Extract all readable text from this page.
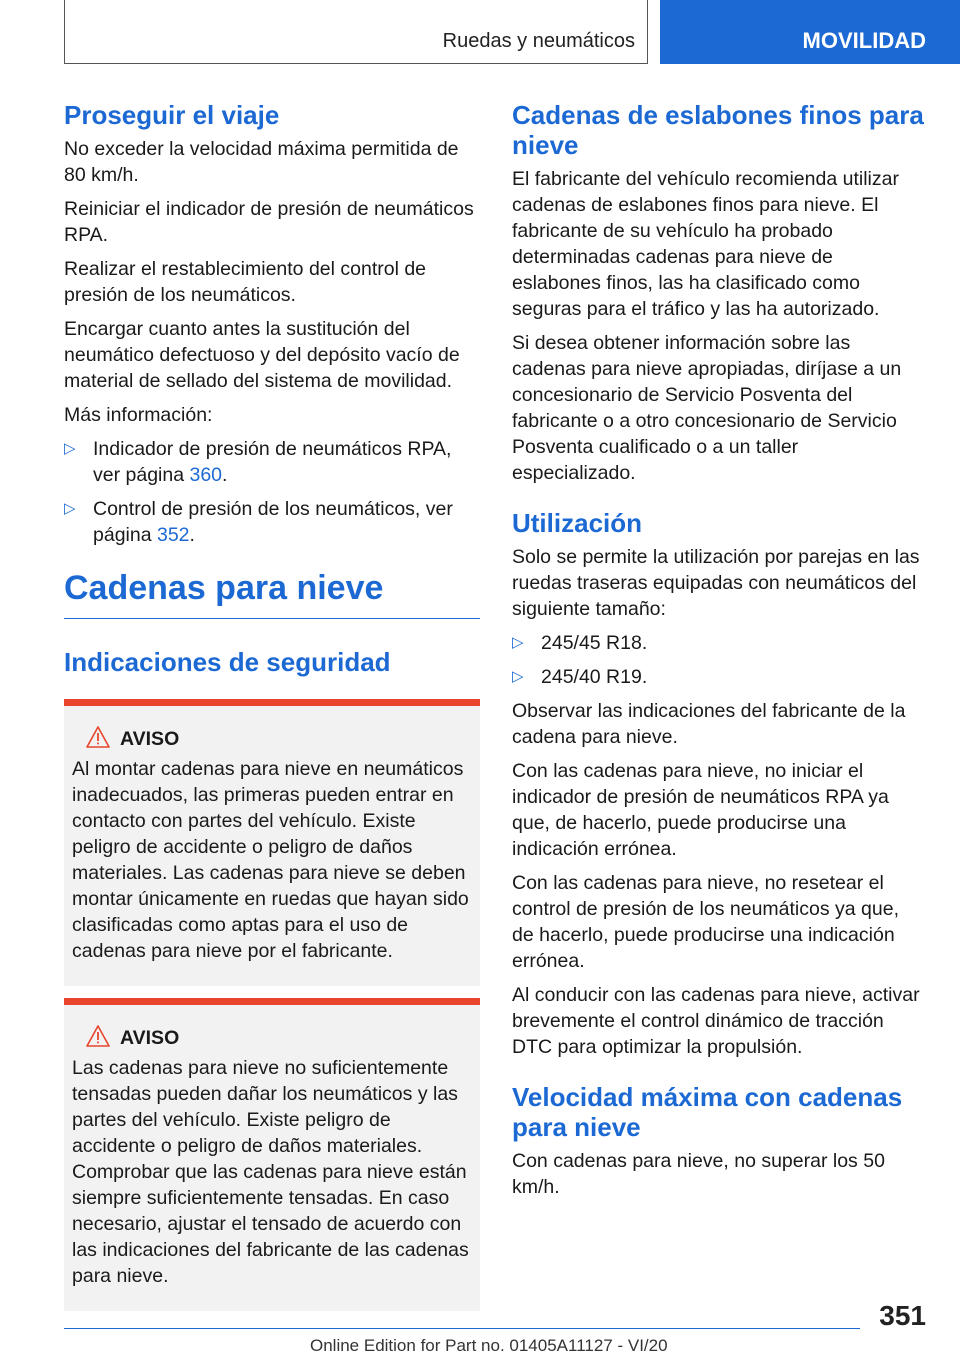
Ruedas y neumáticos	MOVILIDAD
Proseguir el viaje

No exceder la velocidad máxima permitida de 80 km/h.

Reiniciar el indicador de presión de neumáticos RPA.

Realizar el restablecimiento del control de presión de los neumáticos.

Encargar cuanto antes la sustitución del neumático defectuoso y del depósito vacío de material de sellado del sistema de movilidad.

Más información:

▷ Indicador de presión de neumáticos RPA, ver página 360.
▷ Control de presión de los neumáticos, ver página 352.
Cadenas para nieve
Indicaciones de seguridad
AVISO

Al montar cadenas para nieve en neumáticos inadecuados, las primeras pueden entrar en contacto con partes del vehículo. Existe peligro de accidente o peligro de daños materiales. Las cadenas para nieve se deben montar únicamente en ruedas que hayan sido clasificadas como aptas para el uso de cadenas para nieve por el fabricante.

AVISO

Las cadenas para nieve no suficientemente tensadas pueden dañar los neumáticos y las partes del vehículo. Existe peligro de accidente o peligro de daños materiales. Comprobar que las cadenas para nieve están siempre suficientemente tensadas. En caso necesario, ajustar el tensado de acuerdo con las indicaciones del fabricante de las cadenas para nieve.

Cadenas de eslabones finos para nieve

El fabricante del vehículo recomienda utilizar cadenas de eslabones finos para nieve. El fabricante de su vehículo ha probado determinadas cadenas para nieve de eslabones finos, las ha clasificado como seguras para el tráfico y las ha autorizado.

Si desea obtener información sobre las cadenas para nieve apropiadas, diríjase a un concesionario de Servicio Posventa del fabricante o a otro concesionario de Servicio Posventa cualificado o a un taller especializado.

Utilización

Solo se permite la utilización por parejas en las ruedas traseras equipadas con neumáticos del siguiente tamaño:

▷ 245/45 R18.
▷ 245/40 R19.

Observar las indicaciones del fabricante de la cadena para nieve.

Con las cadenas para nieve, no iniciar el indicador de presión de neumáticos RPA ya que, de hacerlo, puede producirse una indicación errónea.

Con las cadenas para nieve, no resetear el control de presión de los neumáticos ya que, de hacerlo, puede producirse una indicación errónea.

Al conducir con las cadenas para nieve, activar brevemente el control dinámico de tracción DTC para optimizar la propulsión.

Velocidad máxima con cadenas para nieve

Con cadenas para nieve, no superar los 50 km/h.

351
Online Edition for Part no. 01405A11127 - VI/20
